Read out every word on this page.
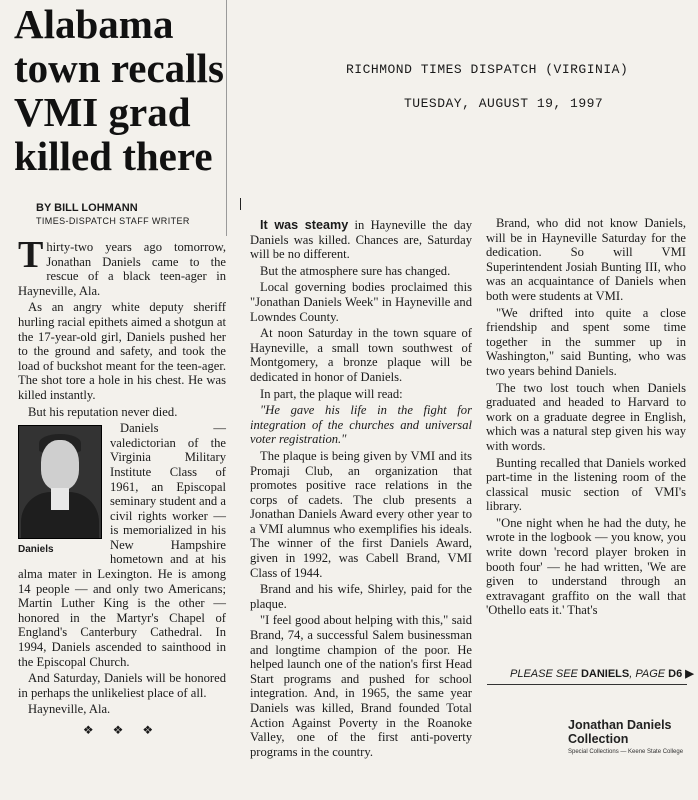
Alabama town recalls VMI grad killed there
RICHMOND TIMES DISPATCH (VIRGINIA)
TUESDAY, AUGUST 19, 1997
BY BILL LOHMANN
TIMES-DISPATCH STAFF WRITER

Thirty-two years ago tomorrow, Jonathan Daniels came to the rescue of a black teen-ager in Hayneville, Ala.

As an angry white deputy sheriff hurling racial epithets aimed a shotgun at the 17-year-old girl, Daniels pushed her to the ground and safety, and took the load of buckshot meant for the teen-ager. The shot tore a hole in his chest. He was killed instantly.

But his reputation never died.

Daniels

Daniels — valedictorian of the Virginia Military Institute Class of 1961, an Episcopal seminary student and a civil rights worker — is memorialized in his New Hampshire hometown and at his alma mater in Lexington. He is among 14 people — and only two Americans; Martin Luther King is the other — honored in the Martyr's Chapel of England's Canterbury Cathedral. In 1994, Daniels ascended to sainthood in the Episcopal Church.

And Saturday, Daniels will be honored in perhaps the unlikeliest place of all.

Hayneville, Ala.

❖ ❖ ❖

It was steamy in Hayneville the day Daniels was killed. Chances are, Saturday will be no different.

But the atmosphere sure has changed.

Local governing bodies proclaimed this "Jonathan Daniels Week" in Hayneville and Lowndes County.

At noon Saturday in the town square of Hayneville, a small town southwest of Montgomery, a bronze plaque will be dedicated in honor of Daniels.

In part, the plaque will read:

"He gave his life in the fight for integration of the churches and universal voter registration."

The plaque is being given by VMI and its Promaji Club, an organization that promotes positive race relations in the corps of cadets. The club presents a Jonathan Daniels Award every other year to a VMI alumnus who exemplifies his ideals. The winner of the first Daniels Award, given in 1992, was Cabell Brand, VMI Class of 1944.

Brand and his wife, Shirley, paid for the plaque.

"I feel good about helping with this," said Brand, 74, a successful Salem businessman and longtime champion of the poor. He helped launch one of the nation's first Head Start programs and pushed for school integration. And, in 1965, the same year Daniels was killed, Brand founded Total Action Against Poverty in the Roanoke Valley, one of the first anti-poverty programs in the country.

Brand, who did not know Daniels, will be in Hayneville Saturday for the dedication. So will VMI Superintendent Josiah Bunting III, who was an acquaintance of Daniels when both were students at VMI.

"We drifted into quite a close friendship and spent some time together in the summer up in Washington," said Bunting, who was two years behind Daniels.

The two lost touch when Daniels graduated and headed to Harvard to work on a graduate degree in English, which was a natural step given his way with words.

Bunting recalled that Daniels worked part-time in the listening room of the classical music section of VMI's library.

"One night when he had the duty, he wrote in the logbook — you know, you write down 'record player broken in booth four' — he had written, 'We are given to understand through an extravagant graffito on the wall that 'Othello eats it.' That's

PLEASE SEE DANIELS, PAGE D6 ▶
Jonathan Daniels Collection
Special Collections — Keene State College
